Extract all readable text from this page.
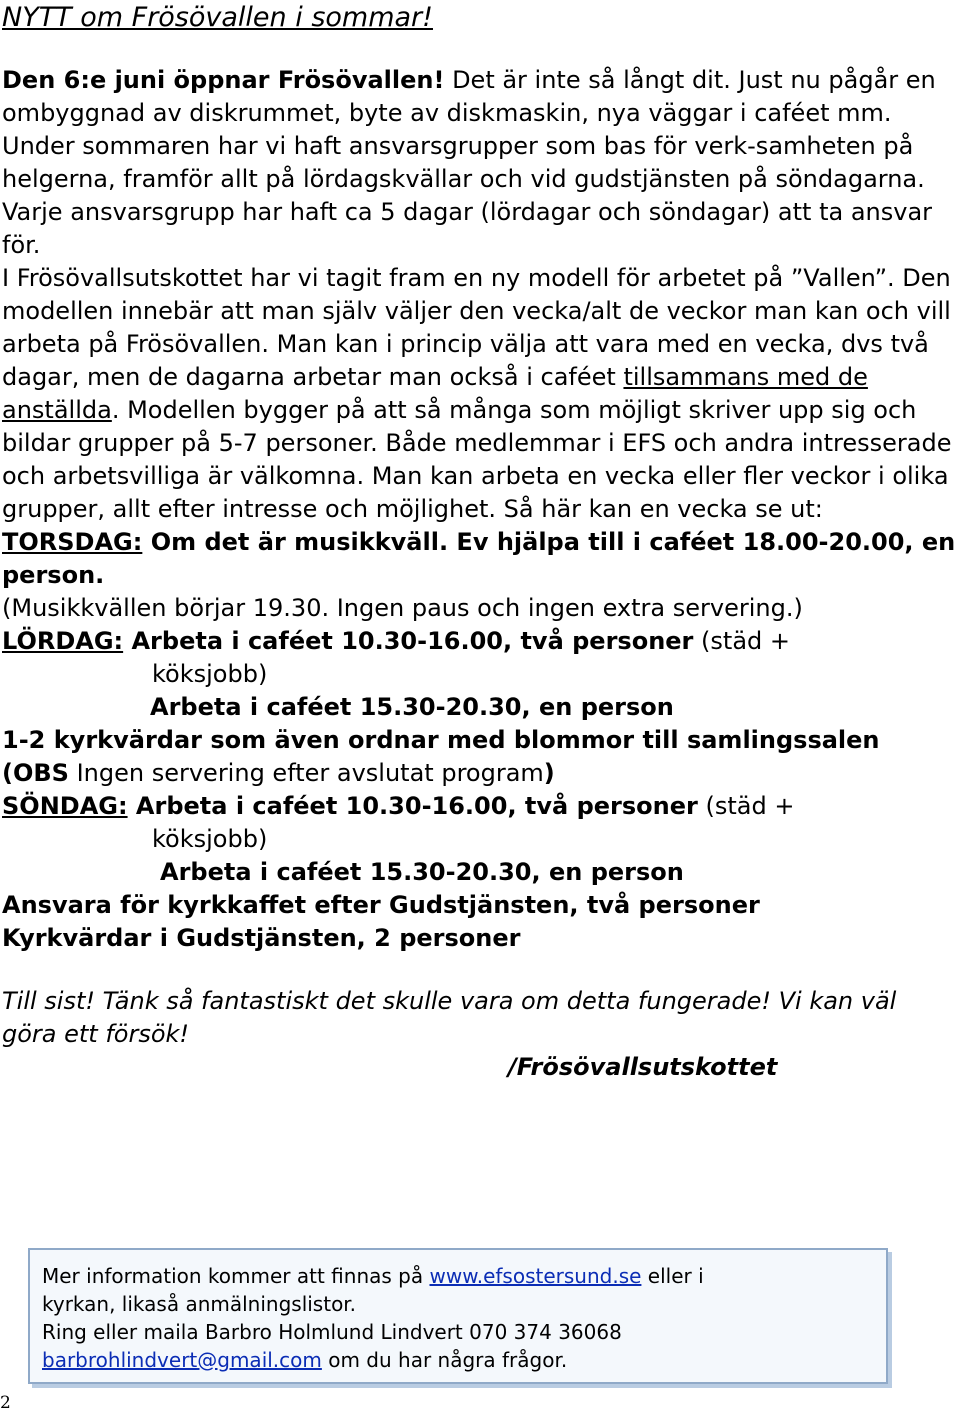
NYTT om Frösövallen i sommar!

Den 6:e juni öppnar Frösövallen! Det är inte så långt dit. Just nu pågår en ombyggnad av diskrummet, byte av diskmaskin, nya väggar i caféet mm.

Under sommaren har vi haft ansvarsgrupper som bas för verk-samheten på helgerna, framför allt på lördagskvällar och vid gudstjänsten på söndagarna. Varje ansvarsgrupp har haft ca 5 dagar (lördagar och söndagar) att ta ansvar för.

I Frösövallsutskottet har vi tagit fram en ny modell för arbetet på ”Vallen”. Den modellen innebär att man själv väljer den vecka/alt de veckor man kan och vill arbeta på Frösövallen. Man kan i princip välja att vara med en vecka, dvs två dagar, men de dagarna arbetar man också i caféet tillsammans med de anställda. Modellen bygger på att så många som möjligt skriver upp sig och bildar grupper på 5-7 personer. Både medlemmar i EFS och andra intresserade och arbetsvilliga är välkomna. Man kan arbeta en vecka eller fler veckor i olika grupper, allt efter intresse och möjlighet. Så här kan en vecka se ut:

TORSDAG: Om det är musikkväll. Ev hjälpa till i caféet 18.00-20.00, en person.

(Musikkvällen börjar 19.30. Ingen paus och ingen extra servering.)

LÖRDAG: Arbeta i caféet 10.30-16.00, två personer (städ +

köksjobb)

Arbeta i caféet 15.30-20.30, en person

1-2 kyrkvärdar som även ordnar med blommor till samlingssalen

(OBS Ingen servering efter avslutat program)

SÖNDAG: Arbeta i caféet 10.30-16.00, två personer (städ +

köksjobb)

Arbeta i caféet 15.30-20.30, en person

Ansvara för kyrkkaffet efter Gudstjänsten, två personer

Kyrkvärdar i Gudstjänsten, 2 personer

Till sist! Tänk så fantastiskt det skulle vara om detta fungerade! Vi kan väl göra ett försök!

/Frösövallsutskottet

Mer information kommer att finnas på www.efsostersund.se eller i

kyrkan, likaså anmälningslistor.

Ring eller maila Barbro Holmlund Lindvert 070 374 36068

barbrohlindvert@gmail.com om du har några frågor.

2
